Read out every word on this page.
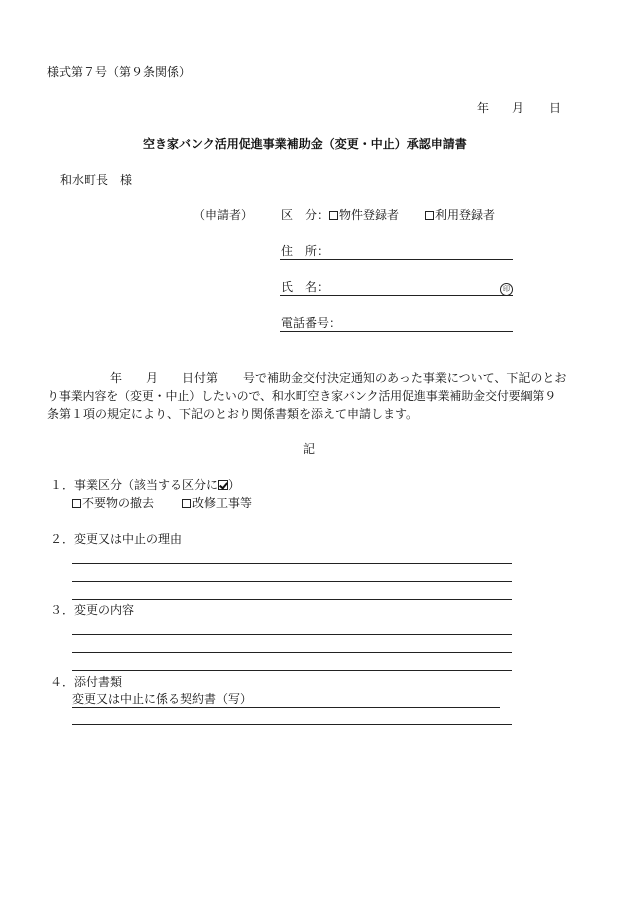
様式第７号（第９条関係）
年 月 日
空き家バンク活用促進事業補助金（変更・中止）承認申請書
和水町長　様
（申請者） 区　分： 物件登録者	利用登録者
住　所：
氏　名：	印
電話番号：
年 月 日付第 号で補助金交付決定通知のあった事業について、下記のとお
り事業内容を（変更・中止）したいので、和水町空き家バンク活用促進事業補助金交付要綱第９
条第１項の規定により、下記のとおり関係書類を添えて申請します。
記
１．事業区分（該当する区分に ）
不要物の撤去	改修工事等
２．変更又は中止の理由
３．変更の内容
４．添付書類
変更又は中止に係る契約書（写）
